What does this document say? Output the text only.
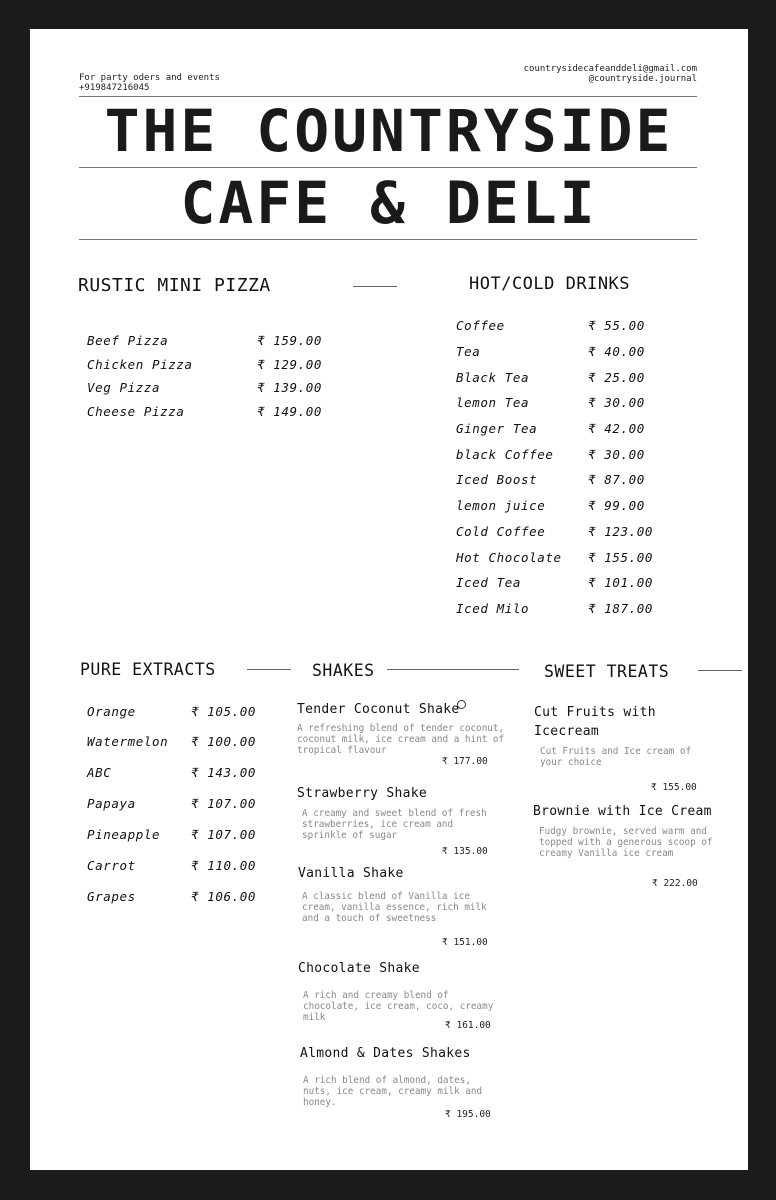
For party oders and events
+919847216045
countrysidecafeanddeli@gmail.com
@countryside.journal
THE COUNTRYSIDE
CAFE & DELI
RUSTIC MINI PIZZA
Beef Pizza	₹ 159.00
Chicken Pizza	₹ 129.00
Veg Pizza	₹ 139.00
Cheese Pizza	₹ 149.00
HOT/COLD DRINKS
Coffee	₹ 55.00
Tea	₹ 40.00
Black Tea	₹ 25.00
lemon Tea	₹ 30.00
Ginger Tea	₹ 42.00
black Coffee	₹ 30.00
Iced Boost	₹ 87.00
lemon juice	₹ 99.00
Cold Coffee	₹ 123.00
Hot Chocolate ₹ 155.00
Iced Tea	₹ 101.00
Iced Milo	₹ 187.00
PURE EXTRACTS
Orange	₹ 105.00
Watermelon ₹ 100.00
ABC	₹ 143.00
Papaya	₹ 107.00
Pineapple ₹ 107.00
Carrot	₹ 110.00
Grapes	₹ 106.00
SHAKES
Tender Coconut Shake
A refreshing blend of tender coconut, coconut milk, ice cream and a hint of tropical flavour
₹ 177.00
Strawberry Shake
A creamy and sweet blend of fresh strawberries, ice cream and sprinkle of sugar
₹ 135.00
Vanilla Shake
A classic blend of Vanilla ice cream, vanilla essence, rich milk and a touch of sweetness
₹ 151.00
Chocolate Shake
A rich and creamy blend of chocolate, ice cream, coco, creamy milk
₹ 161.00
Almond & Dates Shakes
A rich blend of almond, dates, nuts, ice cream, creamy milk and honey.
₹ 195.00
SWEET TREATS
Cut Fruits with Icecream
Cut Fruits and Ice cream of your choice
₹ 155.00
Brownie with Ice Cream
Fudgy brownie, served warm and topped with a generous scoop of creamy Vanilla ice cream
₹ 222.00
